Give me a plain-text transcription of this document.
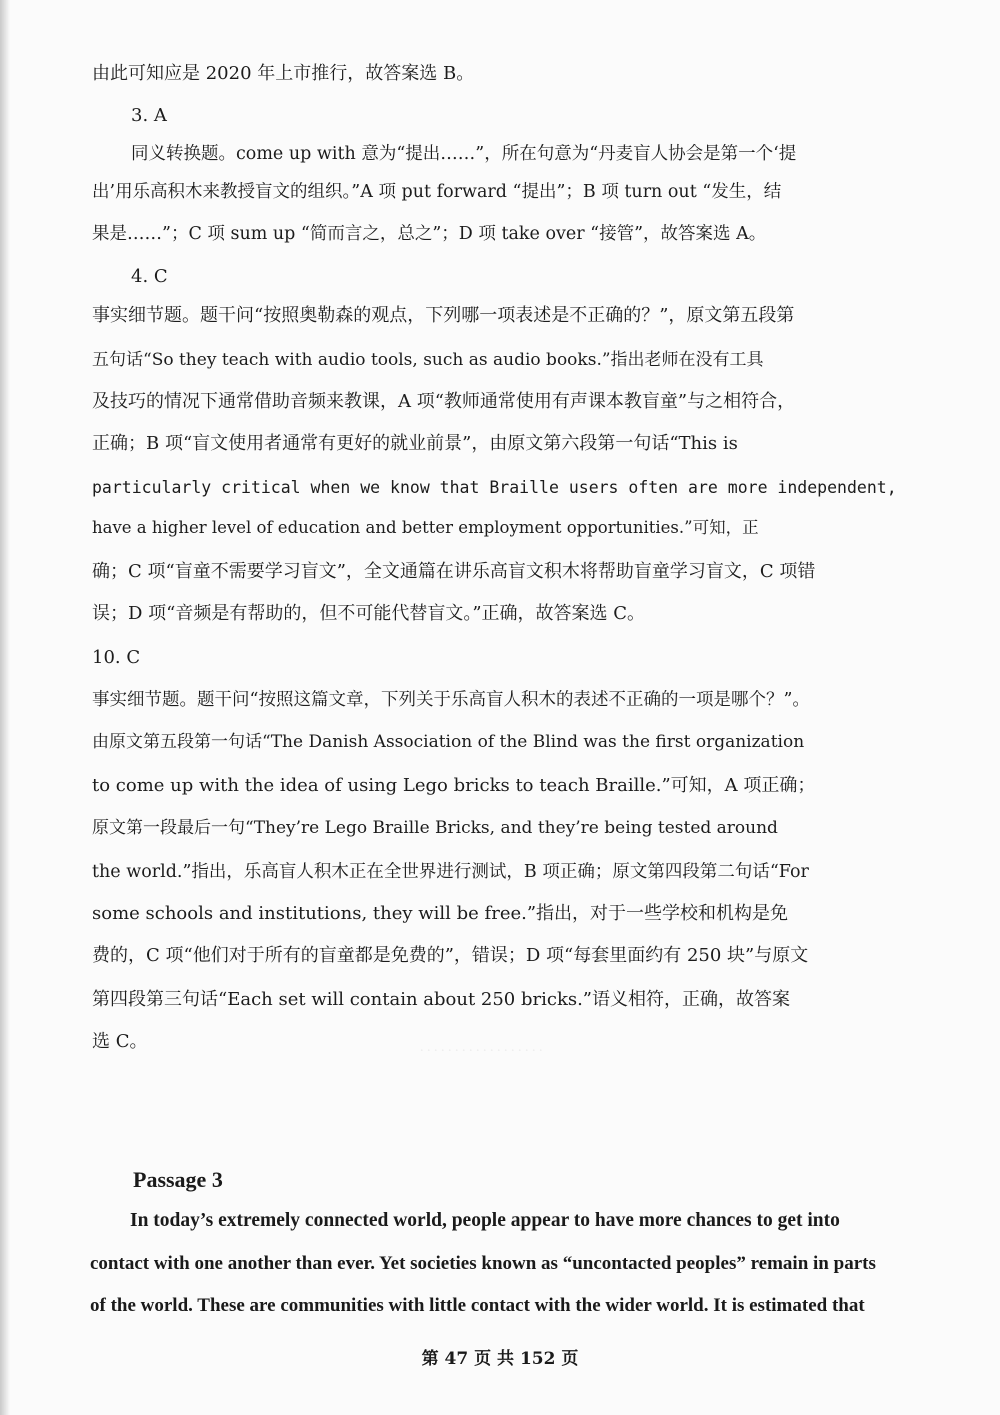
. . . . . . . . . . . . . . . . . .

由此可知应是 2020 年上市推行，故答案选 B。

3. A

同义转换题。come up with 意为“提出……”，所在句意为“丹麦盲人协会是第一个‘提

出’用乐高积木来教授盲文的组织。”A 项 put forward “提出”；B 项 turn out “发生，结

果是……”；C 项 sum up “简而言之，总之”；D 项 take over “接管”，故答案选 A。

4. C

事实细节题。题干问“按照奥勒森的观点，下列哪一项表述是不正确的？”，原文第五段第

五句话“So they teach with audio tools, such as audio books.”指出老师在没有工具

及技巧的情况下通常借助音频来教课，A 项“教师通常使用有声课本教盲童”与之相符合，

正确；B 项“盲文使用者通常有更好的就业前景”，由原文第六段第一句话“This is

particularly critical when we know that Braille users often are more independent,

have a higher level of education and better employment opportunities.”可知，正

确；C 项“盲童不需要学习盲文”，全文通篇在讲乐高盲文积木将帮助盲童学习盲文，C 项错

误；D 项“音频是有帮助的，但不可能代替盲文。”正确，故答案选 C。

10. C

事实细节题。题干问“按照这篇文章，下列关于乐高盲人积木的表述不正确的一项是哪个？”。

由原文第五段第一句话“The Danish Association of the Blind was the first organization

to come up with the idea of using Lego bricks to teach Braille.”可知，A 项正确；

原文第一段最后一句“They’re Lego Braille Bricks, and they’re being tested around

the world.”指出，乐高盲人积木正在全世界进行测试，B 项正确；原文第四段第二句话“For

some schools and institutions, they will be free.”指出，对于一些学校和机构是免

费的，C 项“他们对于所有的盲童都是免费的”，错误；D 项“每套里面约有 250 块”与原文

第四段第三句话“Each set will contain about 250 bricks.”语义相符，正确，故答案

选 C。

Passage 3

In today’s extremely connected world, people appear to have more chances to get into

contact with one another than ever. Yet societies known as “uncontacted peoples” remain in parts

of the world. These are communities with little contact with the wider world. It is estimated that

第 47 页 共 152 页
